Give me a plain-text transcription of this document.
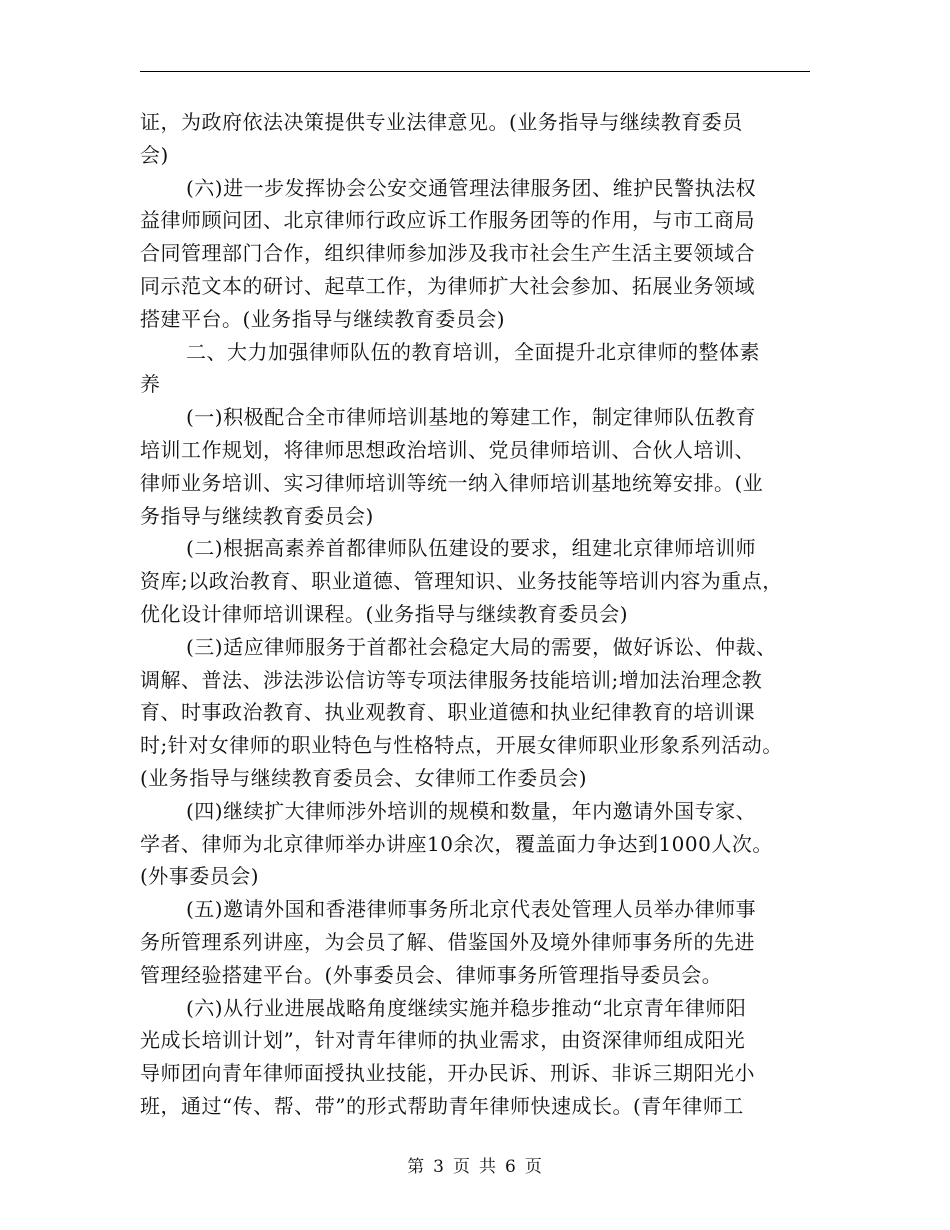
证，为政府依法决策提供专业法律意见。(业务指导与继续教育委员
会)
(六)进一步发挥协会公安交通管理法律服务团、维护民警执法权
益律师顾问团、北京律师行政应诉工作服务团等的作用，与市工商局
合同管理部门合作，组织律师参加涉及我市社会生产生活主要领域合
同示范文本的研讨、起草工作，为律师扩大社会参加、拓展业务领域
搭建平台。(业务指导与继续教育委员会)
二、大力加强律师队伍的教育培训，全面提升北京律师的整体素
养
(一)积极配合全市律师培训基地的筹建工作，制定律师队伍教育
培训工作规划，将律师思想政治培训、党员律师培训、合伙人培训、
律师业务培训、实习律师培训等统一纳入律师培训基地统筹安排。(业
务指导与继续教育委员会)
(二)根据高素养首都律师队伍建设的要求，组建北京律师培训师
资库;以政治教育、职业道德、管理知识、业务技能等培训内容为重点，
优化设计律师培训课程。(业务指导与继续教育委员会)
(三)适应律师服务于首都社会稳定大局的需要，做好诉讼、仲裁、
调解、普法、涉法涉讼信访等专项法律服务技能培训;增加法治理念教
育、时事政治教育、执业观教育、职业道德和执业纪律教育的培训课
时;针对女律师的职业特色与性格特点，开展女律师职业形象系列活动。
(业务指导与继续教育委员会、女律师工作委员会)
(四)继续扩大律师涉外培训的规模和数量，年内邀请外国专家、
学者、律师为北京律师举办讲座10余次，覆盖面力争达到1000人次。
(外事委员会)
(五)邀请外国和香港律师事务所北京代表处管理人员举办律师事
务所管理系列讲座，为会员了解、借鉴国外及境外律师事务所的先进
管理经验搭建平台。(外事委员会、律师事务所管理指导委员会。
(六)从行业进展战略角度继续实施并稳步推动“北京青年律师阳
光成长培训计划”，针对青年律师的执业需求，由资深律师组成阳光
导师团向青年律师面授执业技能，开办民诉、刑诉、非诉三期阳光小
班，通过“传、帮、带”的形式帮助青年律师快速成长。(青年律师工
第 3 页 共 6 页
